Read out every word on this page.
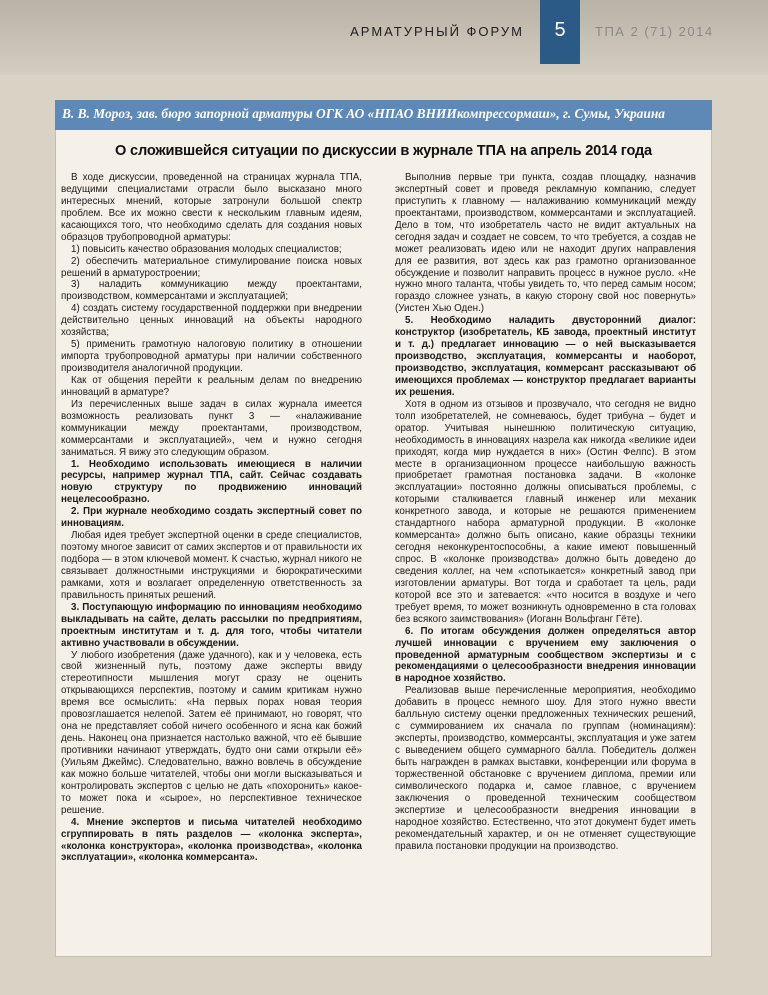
АРМАТУРНЫЙ ФОРУМ	5	ТПА 2 (71) 2014
В. В. Мороз, зав. бюро запорной арматуры ОГК АО «НПАО ВНИИкомпрессормаш», г. Сумы, Украина
О сложившейся ситуации по дискуссии в журнале ТПА на апрель 2014 года

В ходе дискуссии, проведенной на страницах журнала ТПА, ведущими специалистами отрасли было высказано много интересных мнений, которые затронули большой спектр проблем. Все их можно свести к нескольким главным идеям, касающихся того, что необходимо сделать для создания новых образцов трубопроводной арматуры:

1) повысить качество образования молодых специалистов;

2) обеспечить материальное стимулирование поиска новых решений в арматуростроении;

3) наладить коммуникацию между проектантами, производством, коммерсантами и эксплуатацией;

4) создать систему государственной поддержки при внедрении действительно ценных инноваций на объекты народного хозяйства;

5) применить грамотную налоговую политику в отношении импорта трубопроводной арматуры при наличии собственного производителя аналогичной продукции.

Как от общения перейти к реальным делам по внедрению инноваций в арматуре?

Из перечисленных выше задач в силах журнала имеется возможность реализовать пункт 3 — «налаживание коммуникации между проектантами, производством, коммерсантами и эксплуатацией», чем и нужно сегодня заниматься. Я вижу это следующим образом.

1. Необходимо использовать имеющиеся в наличии ресурсы, например журнал ТПА, сайт. Сейчас создавать новую структуру по продвижению инноваций нецелесообразно.

2. При журнале необходимо создать экспертный совет по инновациям.

Любая идея требует экспертной оценки в среде специалистов, поэтому многое зависит от самих экспертов и от правильности их подбора — в этом ключевой момент. К счастью, журнал никого не связывает должностными инструкциями и бюрократическими рамками, хотя и возлагает определенную ответственность за правильность принятых решений.

3. Поступающую информацию по инновациям необходимо выкладывать на сайте, делать рассылки по предприятиям, проектным институтам и т. д. для того, чтобы читатели активно участвовали в обсуждении.

У любого изобретения (даже удачного), как и у человека, есть свой жизненный путь, поэтому даже эксперты ввиду стереотипности мышления могут сразу не оценить открывающихся перспектив, поэтому и самим критикам нужно время все осмыслить: «На первых порах новая теория провозглашается нелепой. Затем её принимают, но говорят, что она не представляет собой ничего особенного и ясна как божий день. Наконец она признается настолько важной, что её бывшие противники начинают утверждать, будто они сами открыли её» (Уильям Джеймс). Следовательно, важно вовлечь в обсуждение как можно больше читателей, чтобы они могли высказываться и контролировать экспертов с целью не дать «похоронить» какое-то может пока и «сырое», но перспективное техническое решение.

4. Мнение экспертов и письма читателей необходимо сгруппировать в пять разделов — «колонка эксперта», «колонка конструктора», «колонка производства», «колонка эксплуатации», «колонка коммерсанта».

Выполнив первые три пункта, создав площадку, назначив экспертный совет и проведя рекламную компанию, следует приступить к главному — налаживанию коммуникаций между проектантами, производством, коммерсантами и эксплуатацией. Дело в том, что изобретатель часто не видит актуальных на сегодня задач и создает не совсем, то что требуется, а создав не может реализовать идею или не находит других направления для ее развития, вот здесь как раз грамотно организованное обсуждение и позволит направить процесс в нужное русло. «Не нужно много таланта, чтобы увидеть то, что перед самым носом; гораздо сложнее узнать, в какую сторону свой нос повернуть» (Уистен Хью Оден.)

5. Необходимо наладить двусторонний диалог: конструктор (изобретатель, КБ завода, проектный институт и т. д.) предлагает инновацию — о ней высказывается производство, эксплуатация, коммерсанты и наоборот, производство, эксплуатация, коммерсант рассказывают об имеющихся проблемах — конструктор предлагает варианты их решения.

Хотя в одном из отзывов и прозвучало, что сегодня не видно толп изобретателей, не сомневаюсь, будет трибуна – будет и оратор. Учитывая нынешнюю политическую ситуацию, необходимость в инновациях назрела как никогда «великие идеи приходят, когда мир нуждается в них» (Остин Фелпс). В этом месте в организационном процессе наибольшую важность приобретает грамотная постановка задачи. В «колонке эксплуатации» постоянно должны описываться проблемы, с которыми сталкивается главный инженер или механик конкретного завода, и которые не решаются применением стандартного набора арматурной продукции. В «колонке коммерсанта» должно быть описано, какие образцы техники сегодня неконкурентоспособны, а какие имеют повышенный спрос. В «колонке производства» должно быть доведено до сведения коллег, на чем «спотыкается» конкретный завод при изготовлении арматуры. Вот тогда и сработает та цель, ради которой все это и затевается: «что носится в воздухе и чего требует время, то может возникнуть одновременно в ста головах без всякого заимствования» (Иоганн Вольфганг Гёте).

6. По итогам обсуждения должен определяться автор лучшей инновации с вручением ему заключения о проведенной арматурным сообществом экспертизы и с рекомендациями о целесообразности внедрения инновации в народное хозяйство.

Реализовав выше перечисленные мероприятия, необходимо добавить в процесс немного шоу. Для этого нужно ввести балльную систему оценки предложенных технических решений, с суммированием их сначала по группам (номинациям): эксперты, производство, коммерсанты, эксплуатация и уже затем с выведением общего суммарного балла. Победитель должен быть награжден в рамках выставки, конференции или форума в торжественной обстановке с вручением диплома, премии или символического подарка и, самое главное, с вручением заключения о проведенной техническим сообществом экспертизе и целесообразности внедрения инновации в народное хозяйство. Естественно, что этот документ будет иметь рекомендательный характер, и он не отменяет существующие правила постановки продукции на производство.
